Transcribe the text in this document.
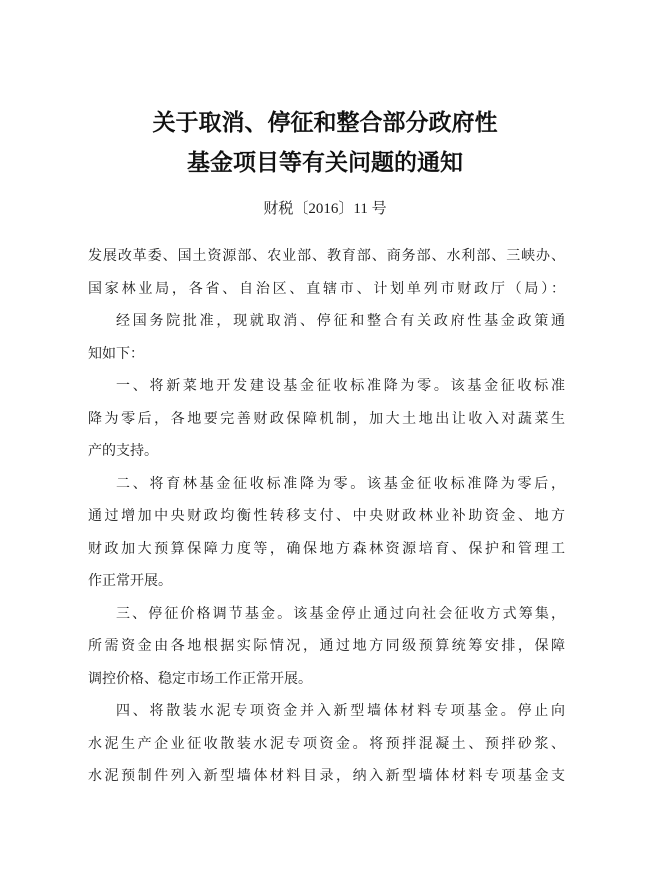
关于取消、停征和整合部分政府性
基金项目等有关问题的通知
财税〔2016〕11 号
发展改革委、国土资源部、农业部、教育部、商务部、水利部、三峡办、
国家林业局，各省、自治区、直辖市、计划单列市财政厅（局）：
经国务院批准，现就取消、停征和整合有关政府性基金政策通
知如下：
一、将新菜地开发建设基金征收标准降为零。该基金征收标准
降为零后，各地要完善财政保障机制，加大土地出让收入对蔬菜生
产的支持。
二、将育林基金征收标准降为零。该基金征收标准降为零后，
通过增加中央财政均衡性转移支付、中央财政林业补助资金、地方
财政加大预算保障力度等，确保地方森林资源培育、保护和管理工
作正常开展。
三、停征价格调节基金。该基金停止通过向社会征收方式筹集，
所需资金由各地根据实际情况，通过地方同级预算统筹安排，保障
调控价格、稳定市场工作正常开展。
四、将散装水泥专项资金并入新型墙体材料专项基金。停止向
水泥生产企业征收散装水泥专项资金。将预拌混凝土、预拌砂浆、
水泥预制件列入新型墙体材料目录，纳入新型墙体材料专项基金支
